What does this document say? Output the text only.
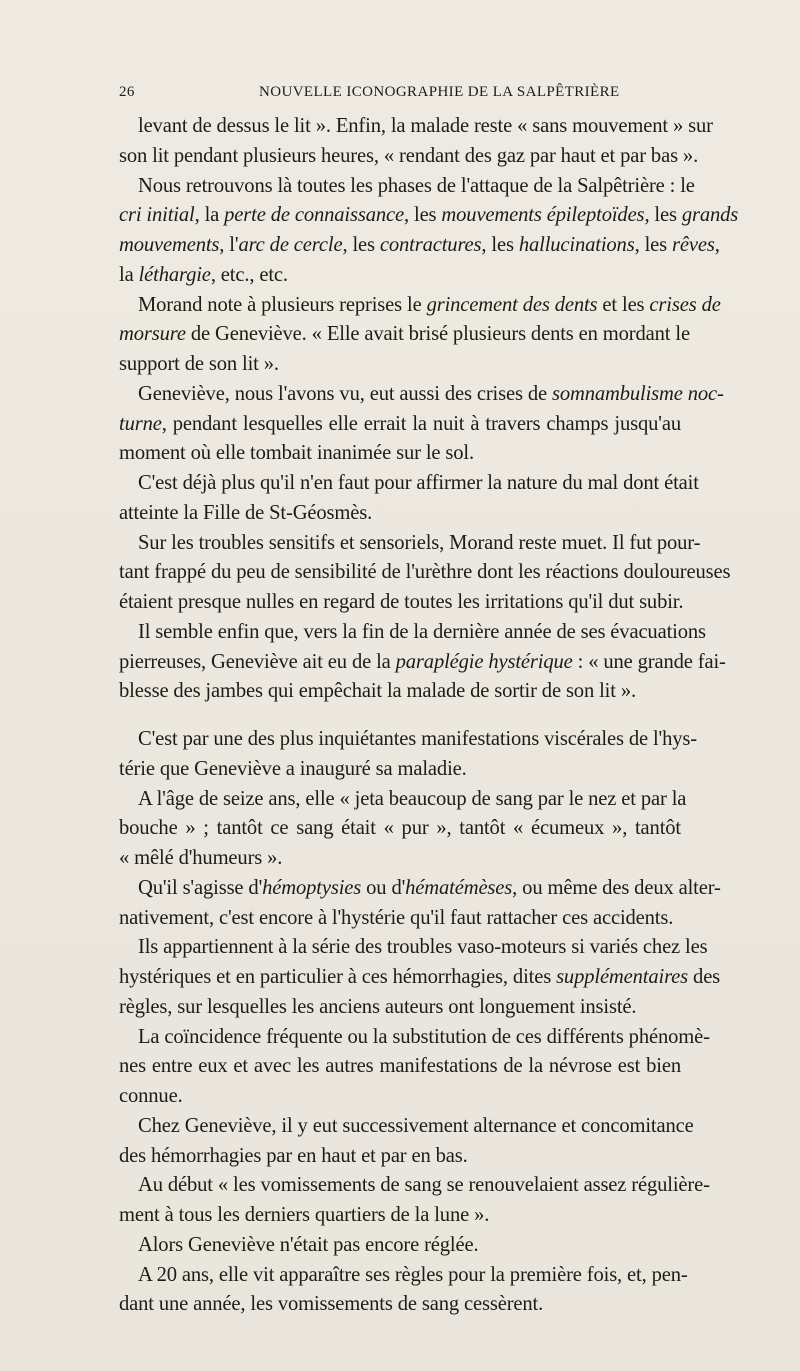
26	NOUVELLE ICONOGRAPHIE DE LA SALPÊTRIÈRE
levant de dessus le lit ». Enfin, la malade reste « sans mouvement » sur
son lit pendant plusieurs heures, « rendant des gaz par haut et par bas ».
Nous retrouvons là toutes les phases de l'attaque de la Salpêtrière : le
cri initial, la perte de connaissance, les mouvements épileptoïdes, les grands
mouvements, l'arc de cercle, les contractures, les hallucinations, les rêves,
la léthargie, etc., etc.
Morand note à plusieurs reprises le grincement des dents et les crises de
morsure de Geneviève. « Elle avait brisé plusieurs dents en mordant le
support de son lit ».
Geneviève, nous l'avons vu, eut aussi des crises de somnambulisme noc-
turne, pendant lesquelles elle errait la nuit à travers champs jusqu'au
moment où elle tombait inanimée sur le sol.
C'est déjà plus qu'il n'en faut pour affirmer la nature du mal dont était
atteinte la Fille de St-Géosmès.
Sur les troubles sensitifs et sensoriels, Morand reste muet. Il fut pour-
tant frappé du peu de sensibilité de l'urèthre dont les réactions douloureuses
étaient presque nulles en regard de toutes les irritations qu'il dut subir.
Il semble enfin que, vers la fin de la dernière année de ses évacuations
pierreuses, Geneviève ait eu de la paraplégie hystérique : « une grande fai-
blesse des jambes qui empêchait la malade de sortir de son lit ».
C'est par une des plus inquiétantes manifestations viscérales de l'hys-
térie que Geneviève a inauguré sa maladie.
A l'âge de seize ans, elle « jeta beaucoup de sang par le nez et par la
bouche » ; tantôt ce sang était « pur », tantôt « écumeux », tantôt
« mêlé d'humeurs ».
Qu'il s'agisse d'hémoptysies ou d'hématémèses, ou même des deux alter-
nativement, c'est encore à l'hystérie qu'il faut rattacher ces accidents.
Ils appartiennent à la série des troubles vaso-moteurs si variés chez les
hystériques et en particulier à ces hémorrhagies, dites supplémentaires des
règles, sur lesquelles les anciens auteurs ont longuement insisté.
La coïncidence fréquente ou la substitution de ces différents phénomè-
nes entre eux et avec les autres manifestations de la névrose est bien
connue.
Chez Geneviève, il y eut successivement alternance et concomitance
des hémorrhagies par en haut et par en bas.
Au début « les vomissements de sang se renouvelaient assez régulière-
ment à tous les derniers quartiers de la lune ».
Alors Geneviève n'était pas encore réglée.
A 20 ans, elle vit apparaître ses règles pour la première fois, et, pen-
dant une année, les vomissements de sang cessèrent.
